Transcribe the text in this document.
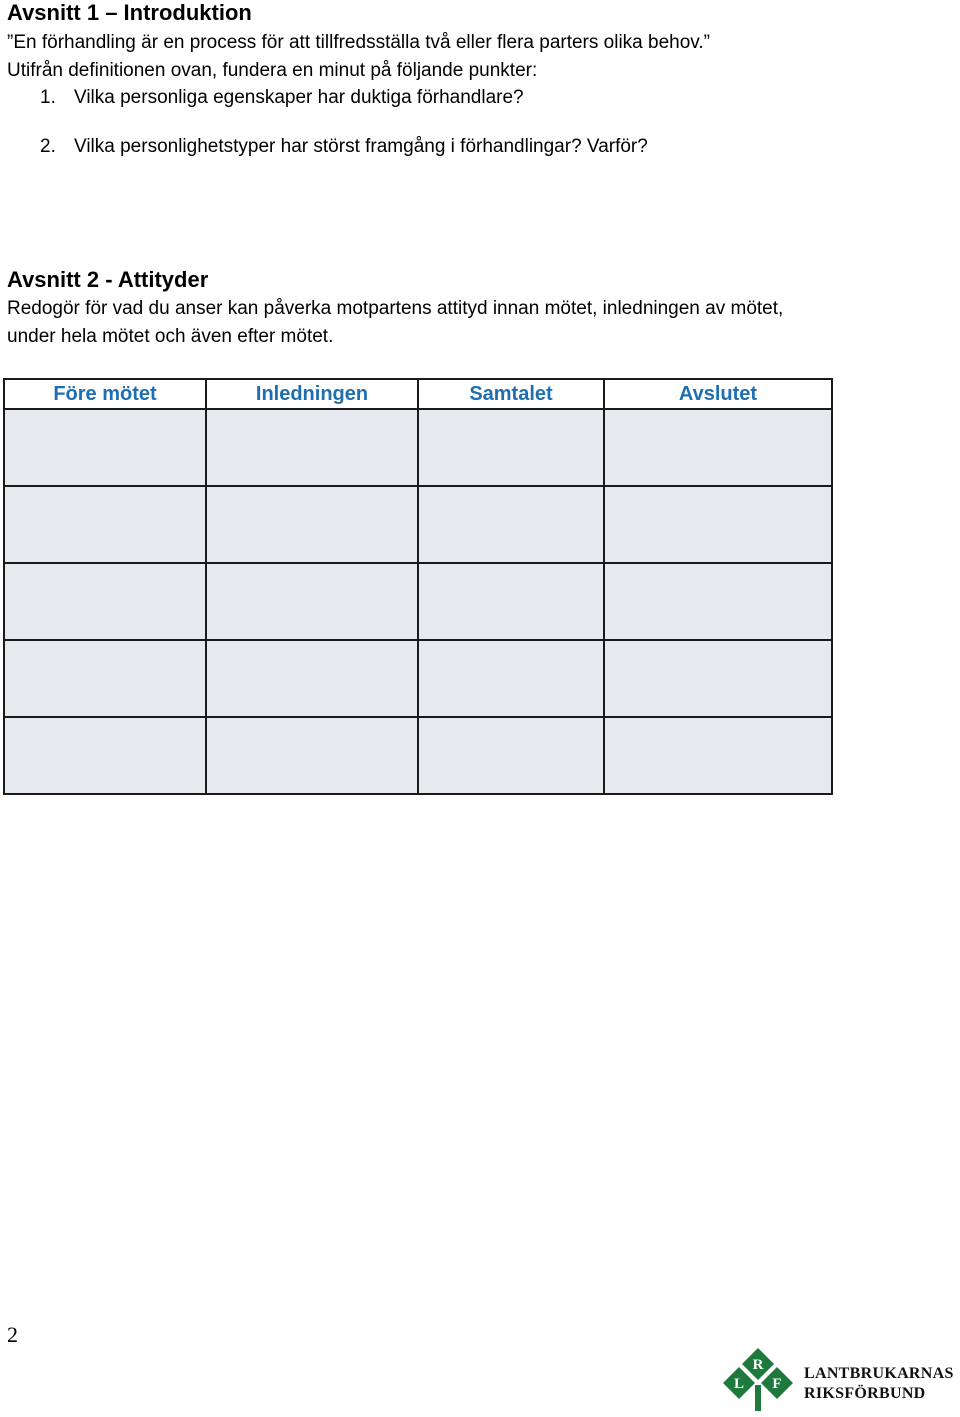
Avsnitt 1 – Introduktion
”En förhandling är en process för att tillfredsställa två eller flera parters olika behov.”
Utifrån definitionen ovan, fundera en minut på följande punkter:
1. Vilka personliga egenskaper har duktiga förhandlare?
2. Vilka personlighetstyper har störst framgång i förhandlingar? Varför?
Avsnitt 2 - Attityder
Redogör för vad du anser kan påverka motpartens attityd innan mötet, inledningen av mötet,
under hela mötet och även efter mötet.
Före mötet	Inledningen	Samtalet	Avslutet

2
R
L F
LANTBRUKARNAS
RIKSFÖRBUND
